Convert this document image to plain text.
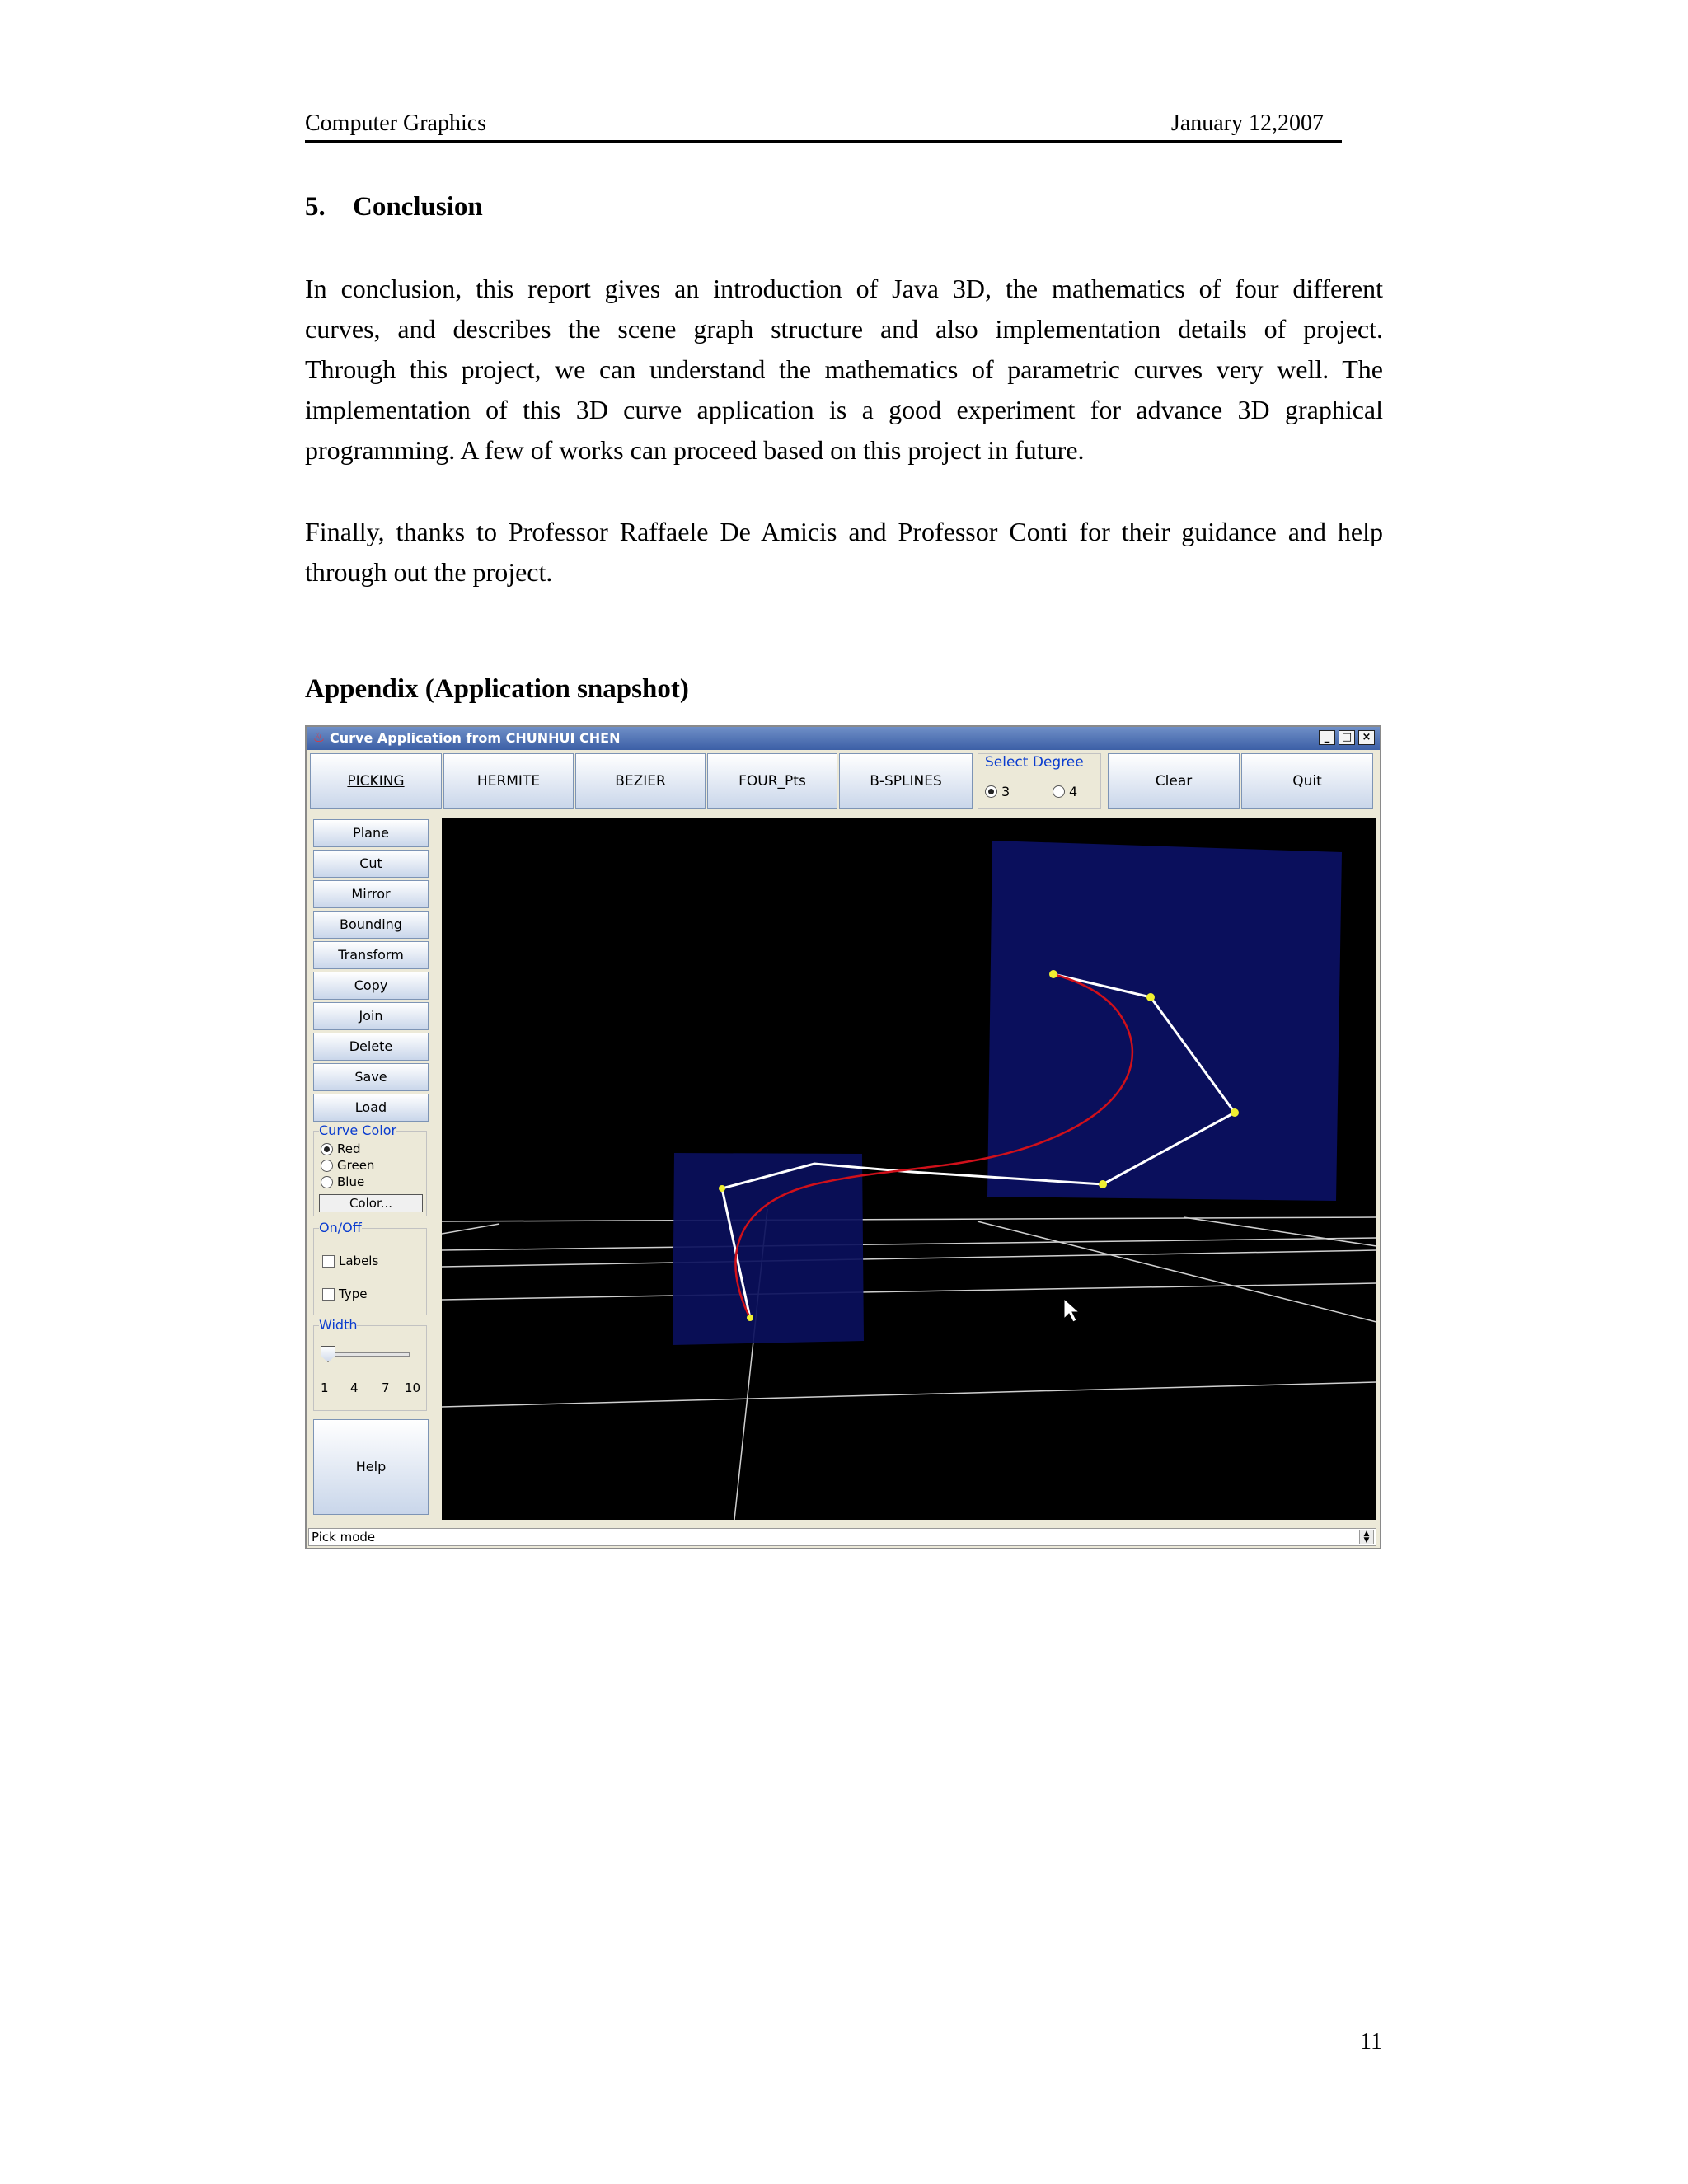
Computer Graphics	January 12,2007
5. Conclusion
In conclusion, this report gives an introduction of Java 3D, the mathematics of four different
curves, and describes the scene graph structure and also implementation details of project.
Through this project, we can understand the mathematics of parametric curves very well. The
implementation of this 3D curve application is a good experiment for advance 3D graphical
programming. A few of works can proceed based on this project in future.
Finally, thanks to Professor Raffaele De Amicis and Professor Conti for their guidance and help
through out the project.
Appendix (Application snapshot)
♨ Curve Application from CHUNHUI CHEN	_	□ ×
PICKING	HERMITE	BEZIER	FOUR_Pts	B-SPLINES
Select Degree
3	4
Clear	Quit
Plane
Cut
Mirror
Bounding
Transform
Copy
Join
Delete
Save
Load
Curve Color
Red
Green
Blue
Color...
On/Off
Labels
Type
Width
1 4 7 10
Help
Pick mode	▲
▼
11
